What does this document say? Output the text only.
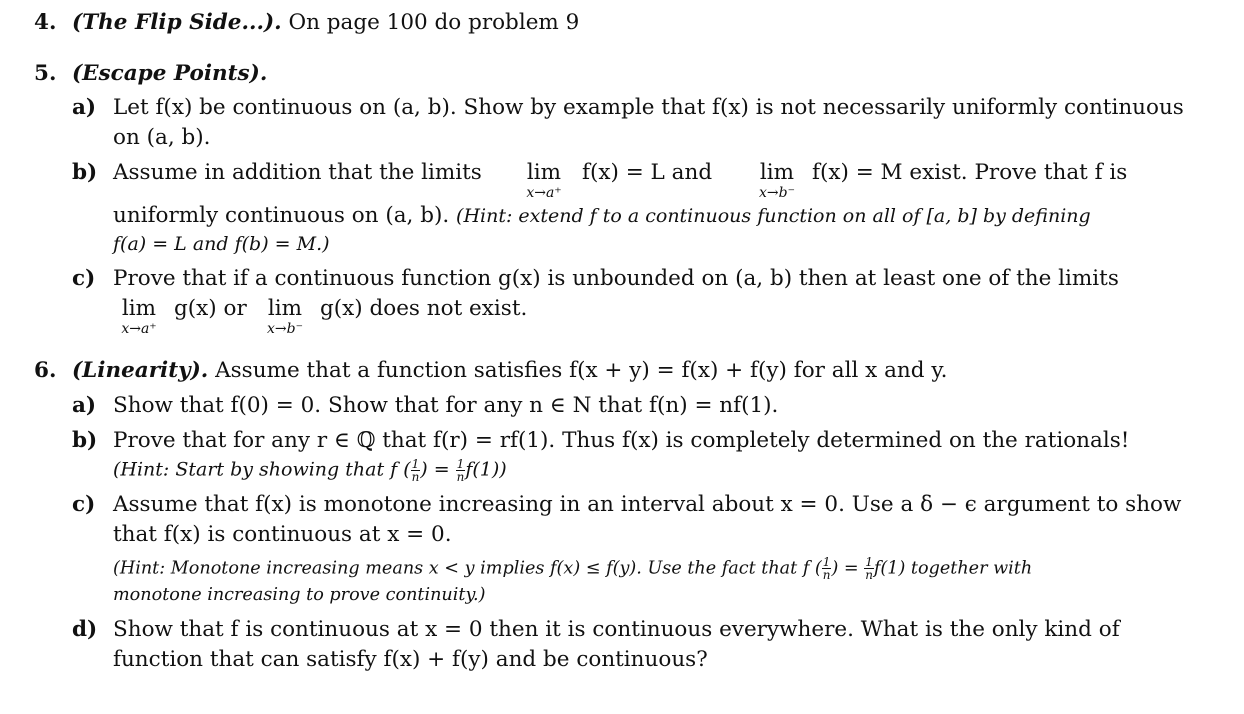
4. (The Flip Side...). On page 100 do problem 9
5. (Escape Points).
a) Let f(x) be continuous on (a, b). Show by example that f(x) is not necessarily uniformly continuous
on (a, b).
b) Assume in addition that the limits	lim
x→a⁺
f(x) = L and	lim
x→b⁻
f(x) = M exist. Prove that f is
uniformly continuous on (a, b). (Hint: extend f to a continuous function on all of [a, b] by defining
f(a) = L and f(b) = M.)
c) Prove that if a continuous function g(x) is unbounded on (a, b) then at least one of the limits
lim
x→a⁺
g(x) or lim
x→b⁻
g(x) does not exist.
6. (Linearity). Assume that a function satisfies f(x + y) = f(x) + f(y) for all x and y.
a) Show that f(0) = 0. Show that for any n ∈ N that f(n) = nf(1).
b) Prove that for any r ∈ ℚ that f(r) = rf(1). Thus f(x) is completely determined on the rationals!
(Hint: Start by showing that f ( $\frac{1}{n}$ ) = $\frac{1}{n} f(1)$)
c) Assume that f(x) is monotone increasing in an interval about x = 0. Use a δ − ϵ argument to show
that f(x) is continuous at x = 0.
(Hint: Monotone increasing means x < y implies f(x) ≤ f(y). Use the fact that f ( $\frac{1}{n}$ ) = $\frac{1}{n} f(1)$ together with
monotone increasing to prove continuity.)
d) Show that f is continuous at x = 0 then it is continuous everywhere. What is the only kind of
function that can satisfy f(x) + f(y) and be continuous?
